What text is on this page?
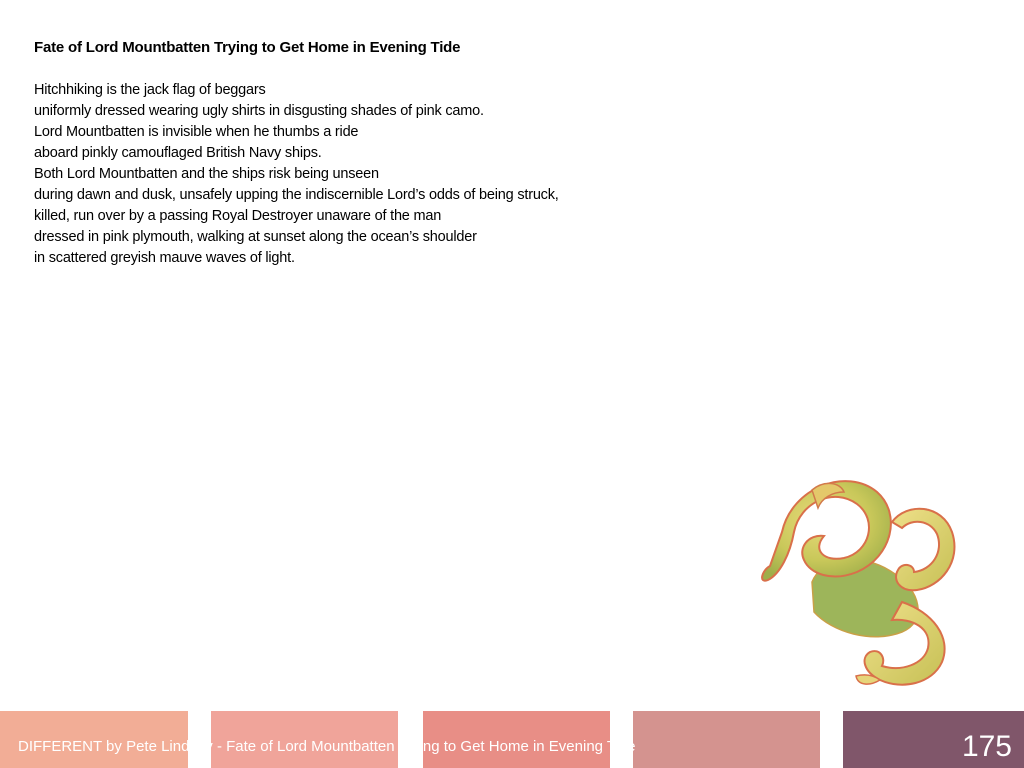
Fate of Lord Mountbatten Trying to Get Home in Evening Tide
Hitchhiking is the jack flag of beggars
uniformly dressed wearing ugly shirts in disgusting shades of pink camo.
Lord Mountbatten is invisible when he thumbs a ride
aboard pinkly camouflaged British Navy ships.
Both Lord Mountbatten and the ships risk being unseen
during dawn and dusk, unsafely upping the indiscernible Lord’s odds of being struck,
killed, run over by a passing Royal Destroyer unaware of the man
dressed in pink plymouth, walking at sunset along the ocean’s shoulder
in scattered greyish mauve waves of light.
DIFFERENT by Pete Lindsay - Fate of Lord Mountbatten Trying to Get Home in Evening Tide	175
